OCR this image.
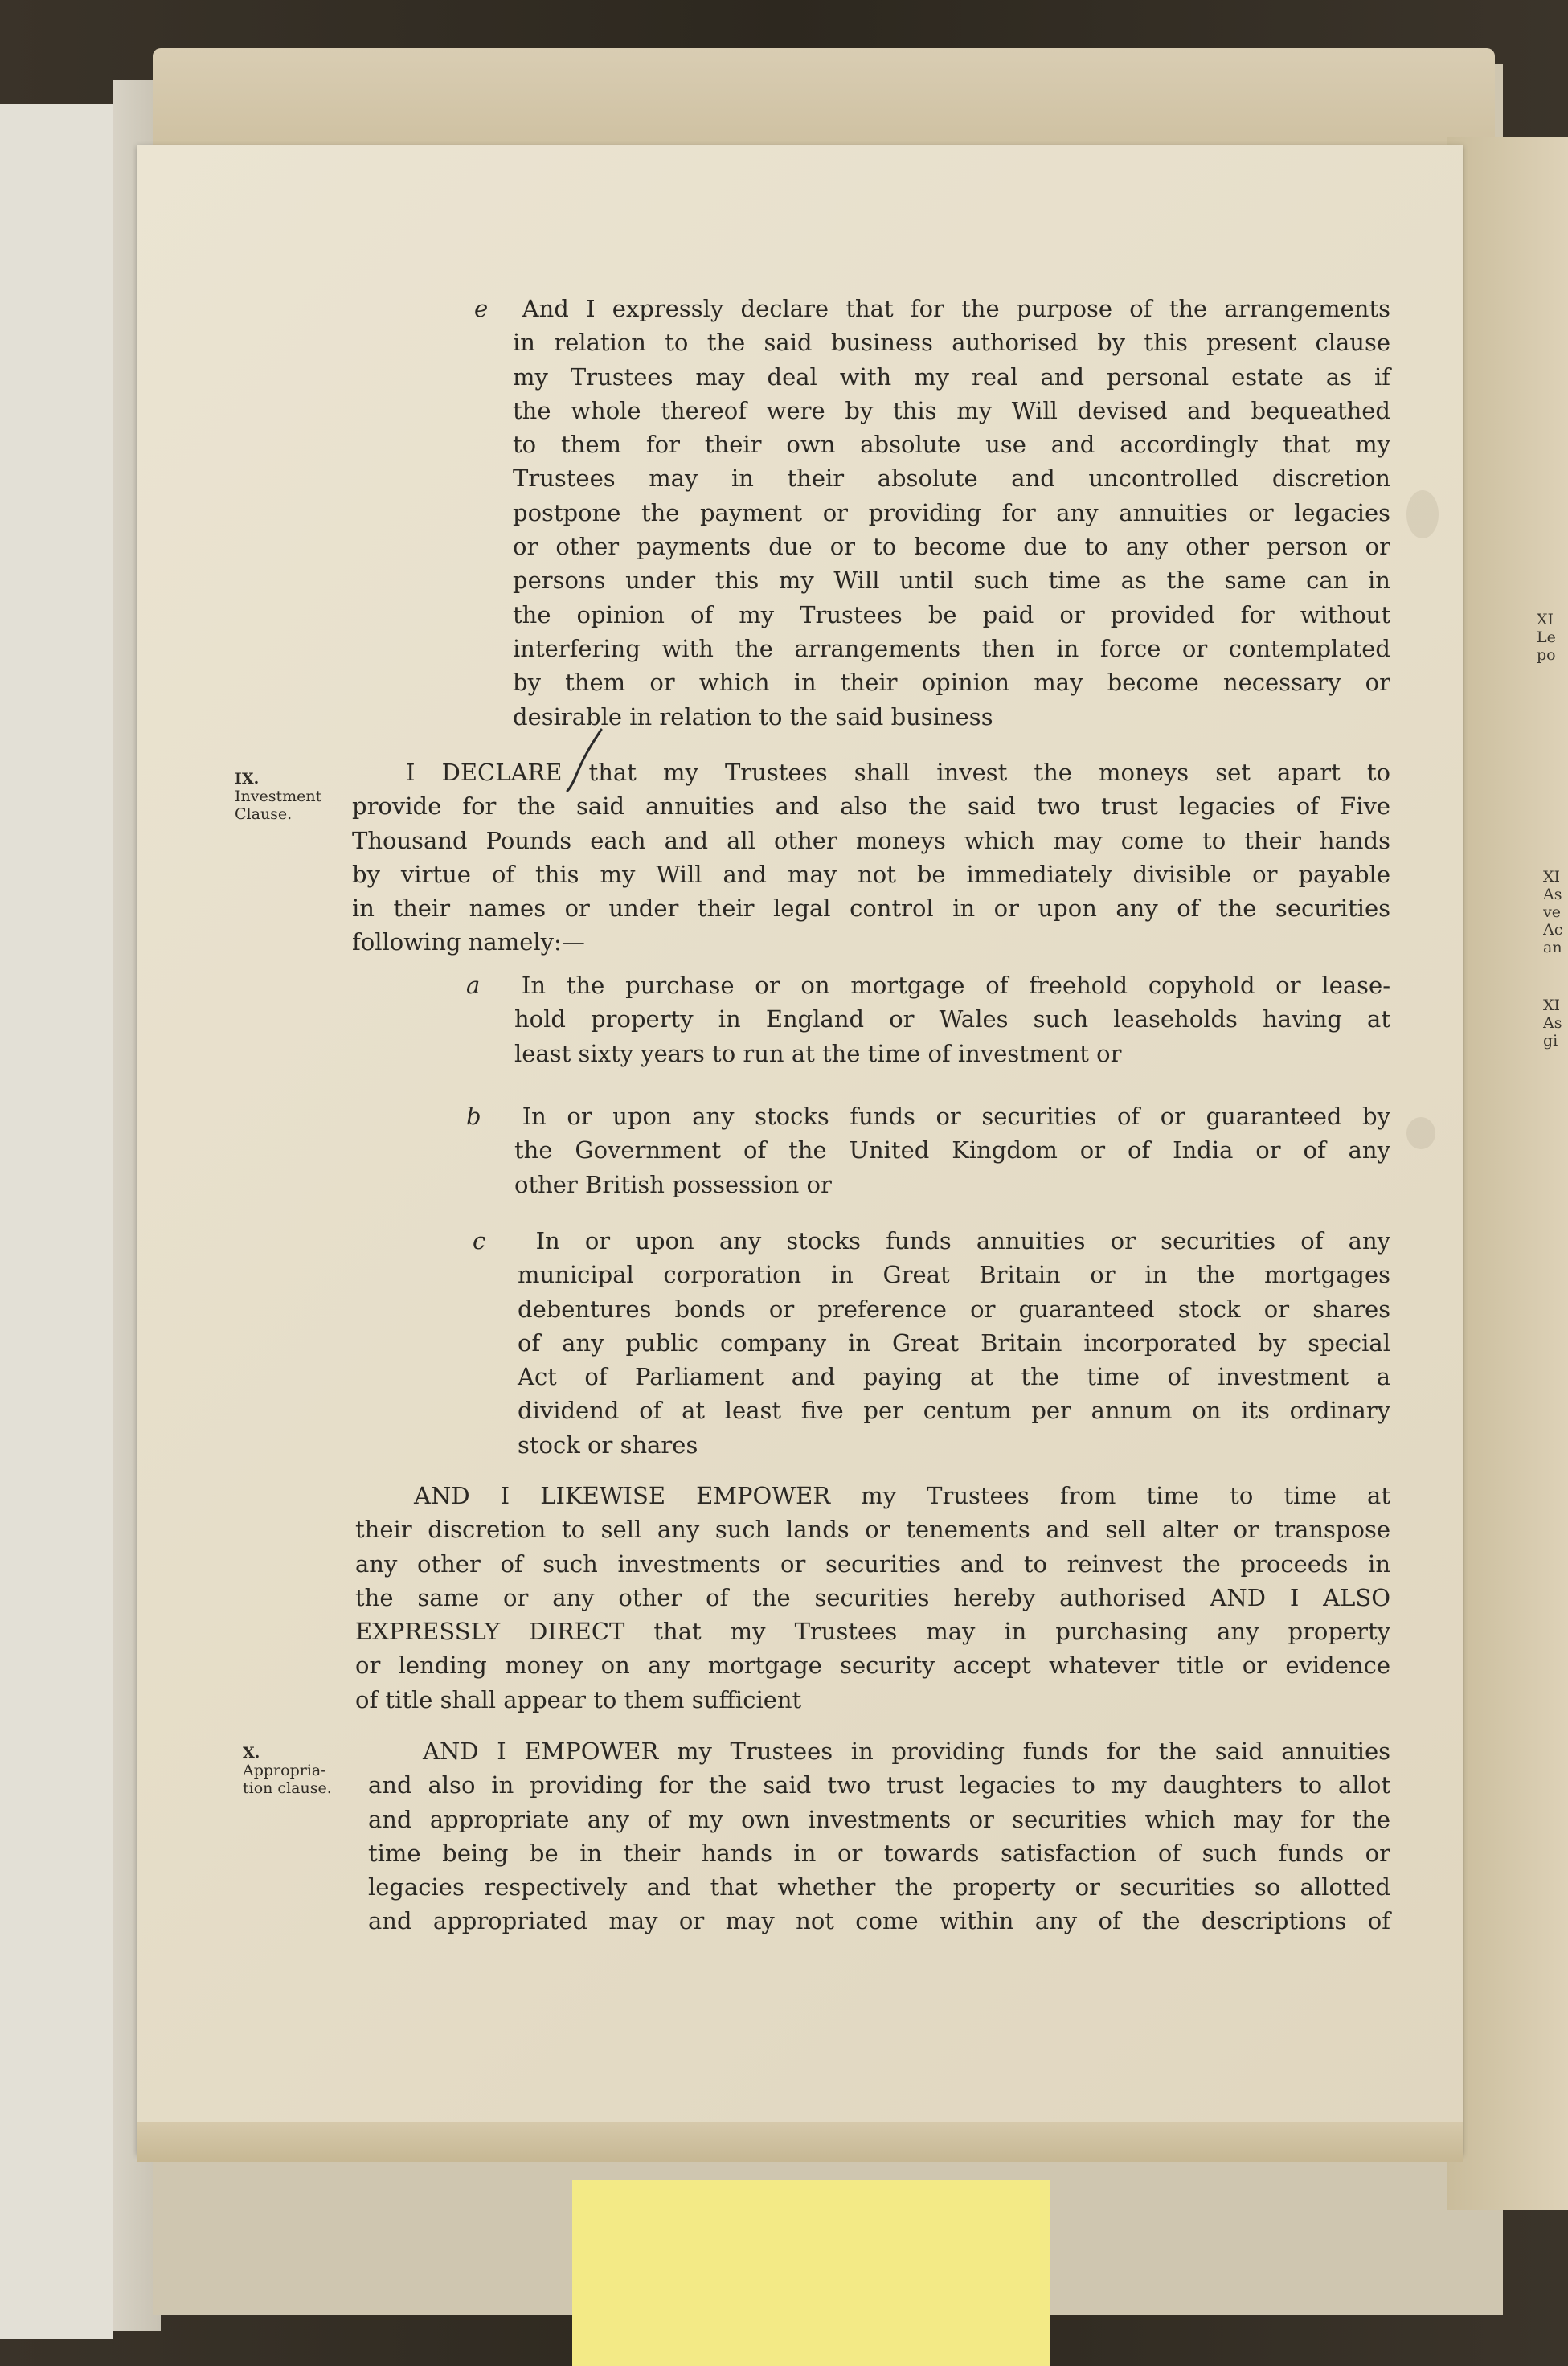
XI
Le
po
XI
As
ve
Ac
an
XI
As
gi
e And I expressly declare that for the purpose of the arrangements
in relation to the said business authorised by this present clause
my Trustees may deal with my real and personal estate as if
the whole thereof were by this my Will devised and bequeathed
to them for their own absolute use and accordingly that my
Trustees may in their absolute and uncontrolled discretion
postpone the payment or providing for any annuities or legacies
or other payments due or to become due to any other person or
persons under this my Will until such time as the same can in
the opinion of my Trustees be paid or provided for without
interfering with the arrangements then in force or contemplated
by them or which in their opinion may become necessary or
desirable in relation to the said business
IX.
Investment
Clause.
I DECLARE that my Trustees shall invest the moneys set apart to
provide for the said annuities and also the said two trust legacies of Five
Thousand Pounds each and all other moneys which may come to their hands
by virtue of this my Will and may not be immediately divisible or payable
in their names or under their legal control in or upon any of the securities
following namely:—
a In the purchase or on mortgage of freehold copyhold or lease-
hold property in England or Wales such leaseholds having at
least sixty years to run at the time of investment or
b In or upon any stocks funds or securities of or guaranteed by
the Government of the United Kingdom or of India or of any
other British possession or
c In or upon any stocks funds annuities or securities of any
municipal corporation in Great Britain or in the mortgages
debentures bonds or preference or guaranteed stock or shares
of any public company in Great Britain incorporated by special
Act of Parliament and paying at the time of investment a
dividend of at least five per centum per annum on its ordinary
stock or shares
AND I LIKEWISE EMPOWER my Trustees from time to time at
their discretion to sell any such lands or tenements and sell alter or transpose
any other of such investments or securities and to reinvest the proceeds in
the same or any other of the securities hereby authorised AND I ALSO
EXPRESSLY DIRECT that my Trustees may in purchasing any property
or lending money on any mortgage security accept whatever title or evidence
of title shall appear to them sufficient
X.
Appropria-
tion clause.
AND I EMPOWER my Trustees in providing funds for the said annuities
and also in providing for the said two trust legacies to my daughters to allot
and appropriate any of my own investments or securities which may for the
time being be in their hands in or towards satisfaction of such funds or
legacies respectively and that whether the property or securities so allotted
and appropriated may or may not come within any of the descriptions of
